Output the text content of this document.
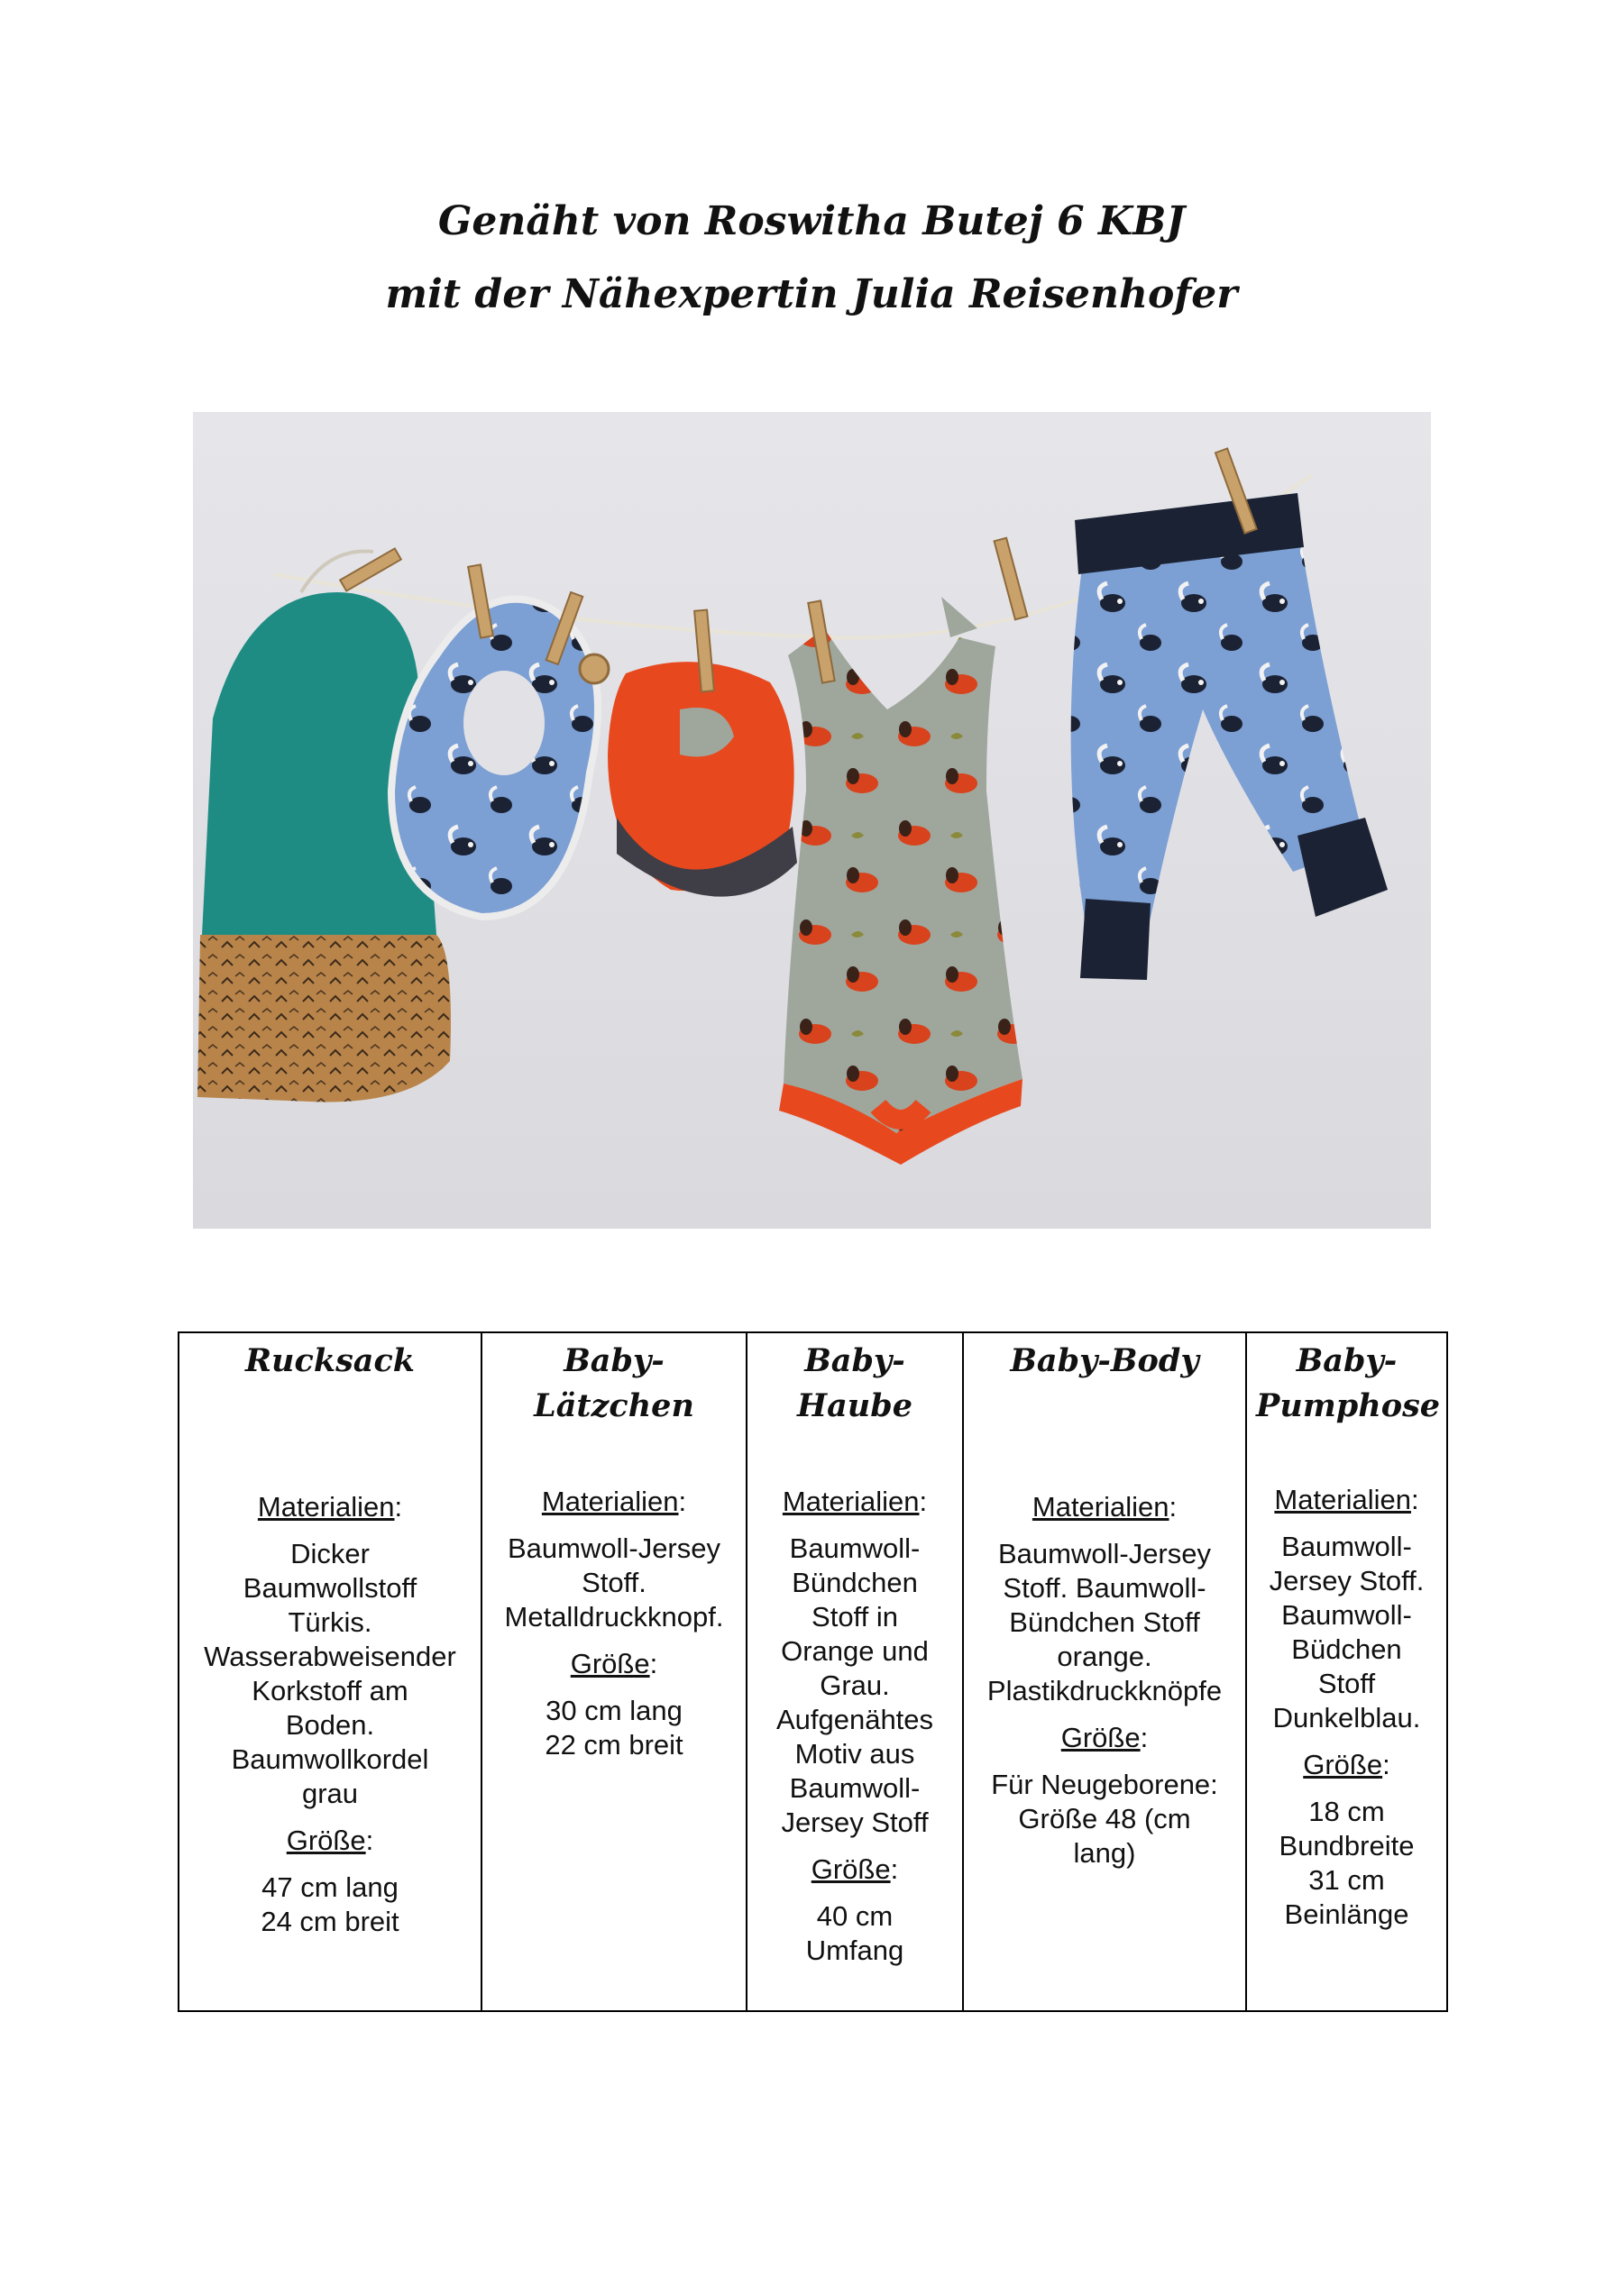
Genäht von Roswitha Butej 6 KBJ
mit der Nähexpertin Julia Reisenhofer
Rucksack
Materialien:
Dicker
Baumwollstoff
Türkis.
Wasserabweisender
Korkstoff am
Boden.
Baumwollkordel
grau
Größe:
47 cm lang
24 cm breit

Baby-Lätzchen
Materialien:
Baumwoll-Jersey
Stoff.
Metalldruckknopf.
Größe:
30 cm lang
22 cm breit

Baby- Haube
Materialien:
Baumwoll-
Bündchen
Stoff in
Orange und
Grau.
Aufgenähtes
Motiv aus
Baumwoll-
Jersey Stoff
Größe:
40 cm
Umfang

Baby-Body
Materialien:
Baumwoll-Jersey
Stoff. Baumwoll-
Bündchen Stoff
orange.
Plastikdruckknöpfe
Größe:
Für Neugeborene:
Größe 48 (cm
lang)

Baby-
Pumphose
Materialien:
Baumwoll-
Jersey Stoff.
Baumwoll-
Büdchen
Stoff
Dunkelblau.
Größe:
18 cm
Bundbreite
31 cm
Beinlänge
